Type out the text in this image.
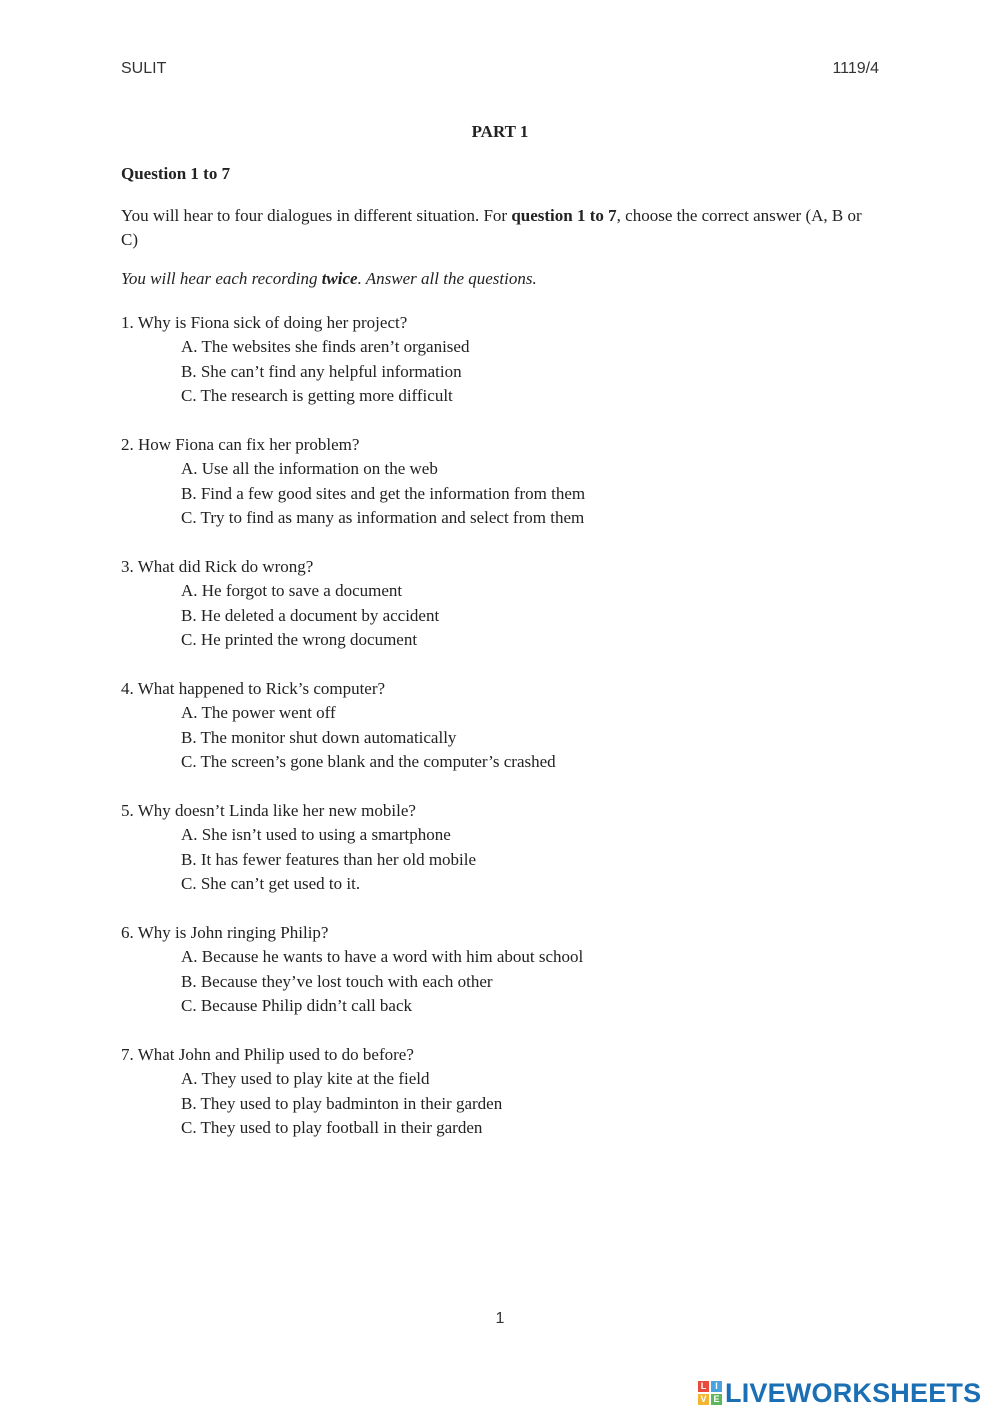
SULIT	1119/4
PART 1
Question 1 to 7
You will hear to four dialogues in different situation. For question 1 to 7, choose the correct answer (A, B or C)
You will hear each recording twice. Answer all the questions.
1. Why is Fiona sick of doing her project?
A. The websites she finds aren’t organised
B. She can’t find any helpful information
C. The research is getting more difficult
2. How Fiona can fix her problem?
A. Use all the information on the web
B. Find a few good sites and get the information from them
C. Try to find as many as information and select from them
3. What did Rick do wrong?
A. He forgot to save a document
B. He deleted a document by accident
C. He printed the wrong document
4. What happened to Rick’s computer?
A. The power went off
B. The monitor shut down automatically
C. The screen’s gone blank and the computer’s crashed
5. Why doesn’t Linda like her new mobile?
A. She isn’t used to using a smartphone
B. It has fewer features than her old mobile
C. She can’t get used to it.
6. Why is John ringing Philip?
A. Because he wants to have a word with him about school
B. Because they’ve lost touch with each other
C. Because Philip didn’t call back
7. What John and Philip used to do before?
A. They used to play kite at the field
B. They used to play badminton in their garden
C. They used to play football in their garden
1
L I
V E LIVEWORKSHEETS
